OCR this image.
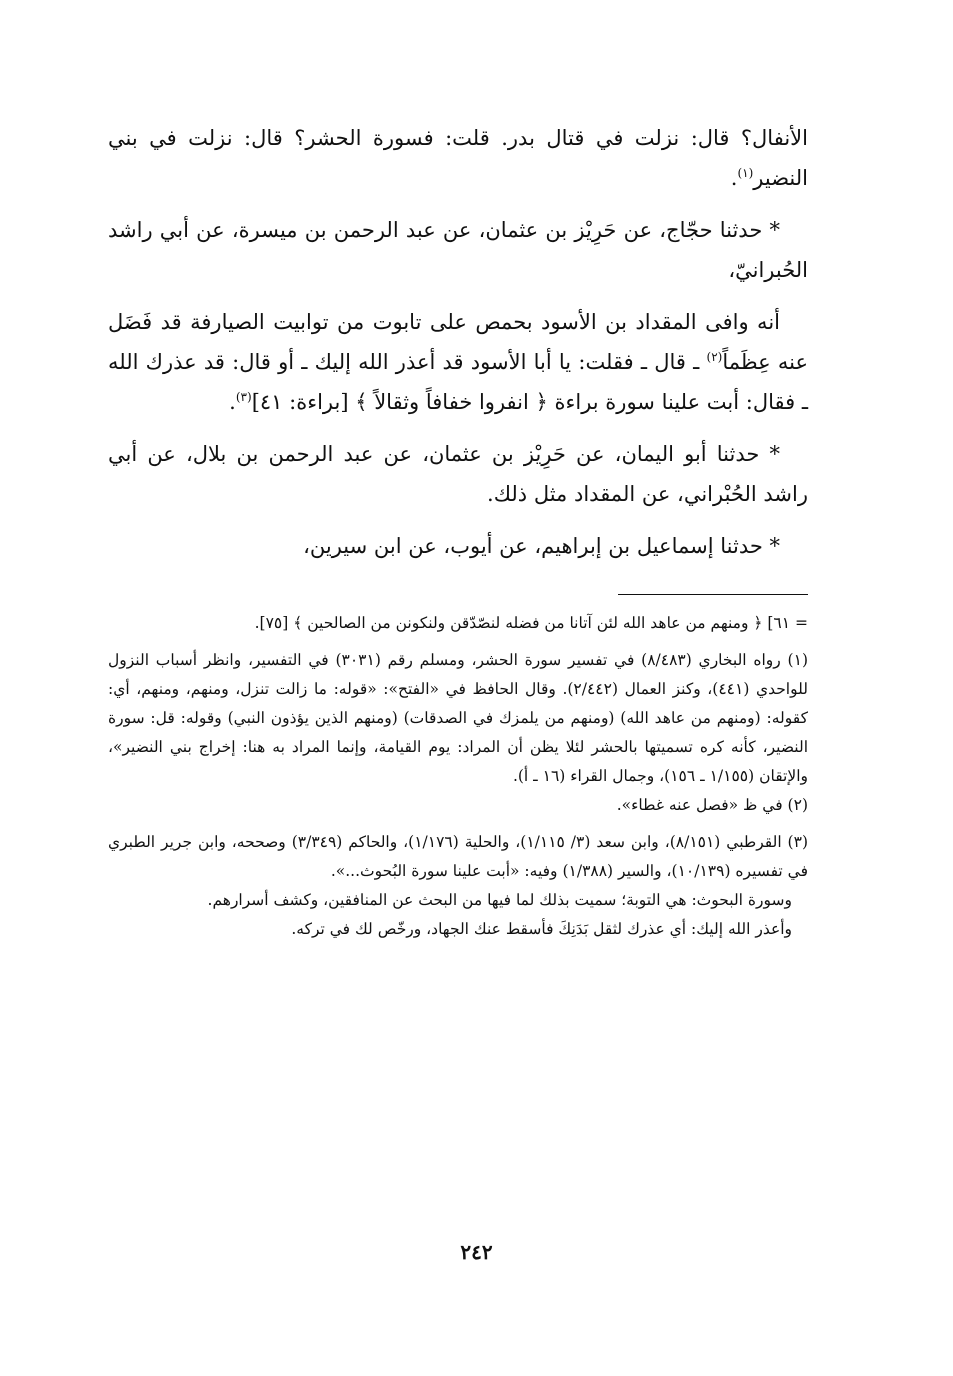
الأنفال؟ قال: نزلت في قتال بدر. قلت: فسورة الحشر؟ قال: نزلت في بني النضير$^{(١)}$.

* حدثنا حجّاج، عن حَرِيْز بن عثمان، عن عبد الرحمن بن ميسرة، عن أبي راشد الحُبرانيّ،

أنه وافى المقداد بن الأسود بحمص على تابوت من توابيت الصيارفة قد فَضَل عنه عِظَماً$^{(٢)}$ ـ قال ـ فقلت: يا أبا الأسود قد أعذر الله إليك ـ أو قال: قد عذرك الله ـ فقال: أبت علينا سورة براءة ﴿ انفروا خفافاً وثقالاً ﴾ [براءة: ٤١]$^{(٣)}$.

* حدثنا أبو اليمان، عن حَرِيْز بن عثمان، عن عبد الرحمن بن بلال، عن أبي راشد الحُبْراني، عن المقداد مثل ذلك.

* حدثنا إسماعيل بن إبراهيم، عن أيوب، عن ابن سيرين،

= ٦١] ﴿ ومنهم من عاهد الله لئن آتانا من فضله لنصّدّقن ولنكونن من الصالحين ﴾ [٧٥].

(١) رواه البخاري (٨/٤٨٣) في تفسير سورة الحشر، ومسلم رقم (٣٠٣١) في التفسير، وانظر أسباب النزول للواحدي (٤٤١)، وكنز العمال (٢/٤٤٢). وقال الحافظ في «الفتح»: «قوله: ما زالت تنزل، ومنهم، ومنهم، أي: كقوله: (ومنهم من عاهد الله) (ومنهم من يلمزك في الصدقات) (ومنهم الذين يؤذون النبي) وقوله: قل: سورة النضير، كأنه كره تسميتها بالحشر لئلا يظن أن المراد: يوم القيامة، وإنما المراد به هنا: إخراج بني النضير»، والإتقان (١/١٥٥ ـ ١٥٦)، وجمال القراء (١٦ ـ أ).

(٢) في ظ «فصل عنه غطاء».

(٣) القرطبي (٨/١٥١)، وابن سعد (٣/ ١/١١٥)، والحلية (١/١٧٦)، والحاكم (٣/٣٤٩) وصححه، وابن جرير الطبري في تفسيره (١٠/١٣٩)، والسير (١/٣٨٨) وفيه: «أبت علينا سورة البُحوث...».

وسورة البحوث: هي التوبة؛ سميت بذلك لما فيها من البحث عن المنافقين، وكشف أسرارهم.

وأعذر الله إليك: أي عذرك لثقل بَدَنِكَ فأسقط عنك الجهاد، ورخّص لك في تركه.

٢٤٢
